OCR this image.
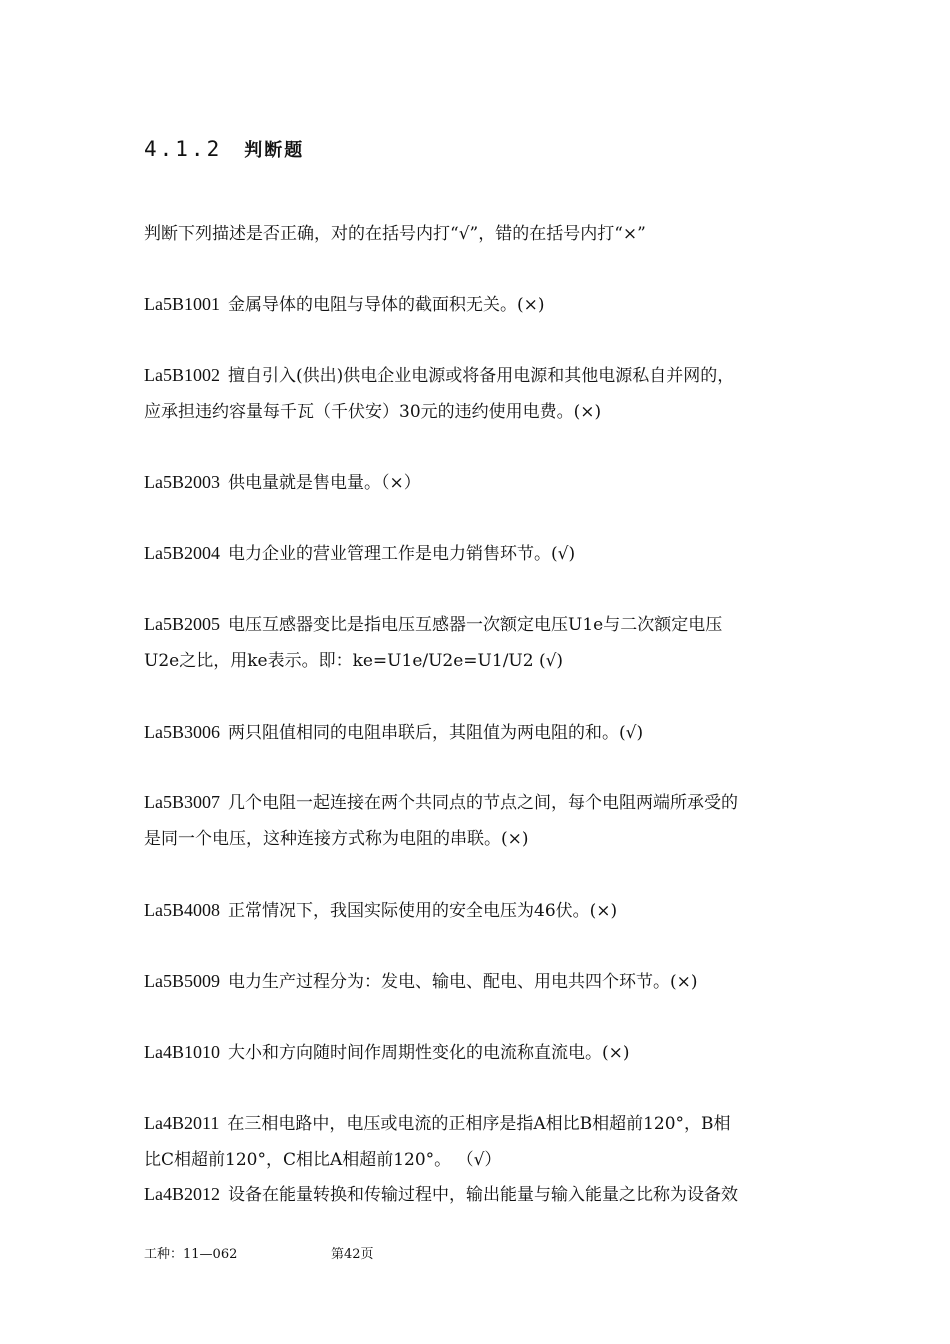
4.1.2 判断题
判断下列描述是否正确，对的在括号内打“√”，错的在括号内打“×”
La5B1001 金属导体的电阻与导体的截面积无关。(×)
La5B1002 擅自引入(供出)供电企业电源或将备用电源和其他电源私自并网的，
应承担违约容量每千瓦（千伏安）30元的违约使用电费。(×)
La5B2003 供电量就是售电量。（×）
La5B2004 电力企业的营业管理工作是电力销售环节。(√)
La5B2005 电压互感器变比是指电压互感器一次额定电压U1e与二次额定电压
U2e之比，用ke表示。即：ke=U1e/U2e=U1/U2 (√)
La5B3006 两只阻值相同的电阻串联后，其阻值为两电阻的和。(√)
La5B3007 几个电阻一起连接在两个共同点的节点之间，每个电阻两端所承受的
是同一个电压，这种连接方式称为电阻的串联。(×)
La5B4008 正常情况下，我国实际使用的安全电压为46伏。(×)
La5B5009 电力生产过程分为：发电、输电、配电、用电共四个环节。(×)
La4B1010 大小和方向随时间作周期性变化的电流称直流电。(×)
La4B2011 在三相电路中，电压或电流的正相序是指A相比B相超前120°，B相
比C相超前120°，C相比A相超前120°。 （√）
La4B2012 设备在能量转换和传输过程中，输出能量与输入能量之比称为设备效
工种：11—062	第42页
